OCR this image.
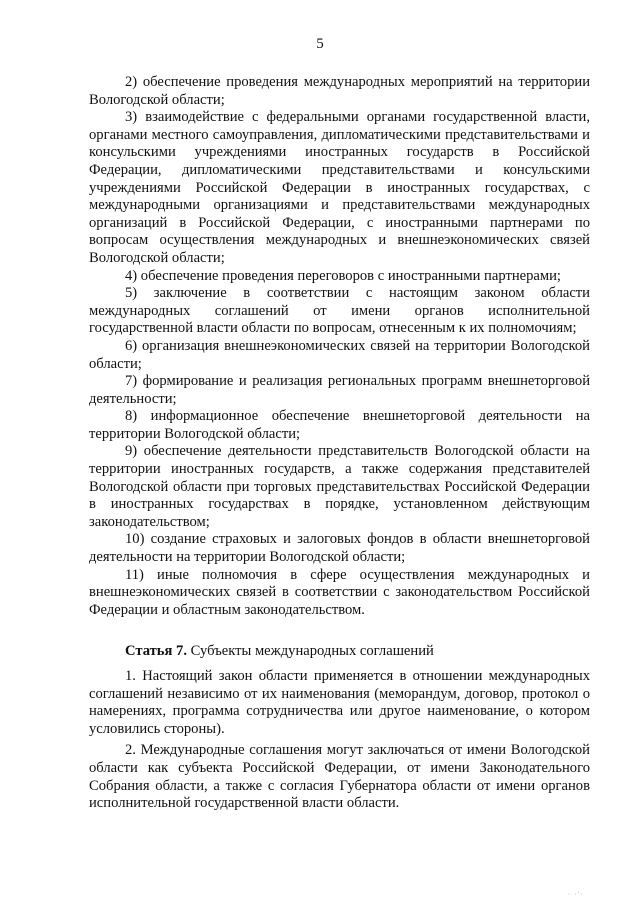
5

2) обеспечение проведения международных мероприятий на территории Вологодской области;

3) взаимодействие с федеральными органами государственной власти, органами местного самоуправления, дипломатическими представительствами и консульскими учреждениями иностранных государств в Российской Федерации, дипломатическими представительствами и консульскими учреждениями Российской Федерации в иностранных государствах, с международными организациями и представительствами международных организаций в Российской Федерации, с иностранными партнерами по вопросам осуществления международных и внешнеэкономических связей Вологодской области;

4) обеспечение проведения переговоров с иностранными партнерами;

5) заключение в соответствии с настоящим законом области международных соглашений от имени органов исполнительной государственной власти области по вопросам, отнесенным к их полномочиям;

6) организация внешнеэкономических связей на территории Вологодской области;

7) формирование и реализация региональных программ внешнеторговой деятельности;

8) информационное обеспечение внешнеторговой деятельности на территории Вологодской области;

9) обеспечение деятельности представительств Вологодской области на территории иностранных государств, а также содержания представителей Вологодской области при торговых представительствах Российской Федерации в иностранных государствах в порядке, установленном действующим законодательством;

10) создание страховых и залоговых фондов в области внешнеторговой деятельности на территории Вологодской области;

11) иные полномочия в сфере осуществления международных и внешнеэкономических связей в соответствии с законодательством Российской Федерации и областным законодательством.

Статья 7. Субъекты международных соглашений

1. Настоящий закон области применяется в отношении международных соглашений независимо от их наименования (меморандум, договор, протокол о намерениях, программа сотрудничества или другое наименование, о котором условились стороны).

2. Международные соглашения могут заключаться от имени Вологодской области как субъекта Российской Федерации, от имени Законодательного Собрания области, а также с согласия Губернатора области от имени органов исполнительной государственной власти области.

· ·'·
